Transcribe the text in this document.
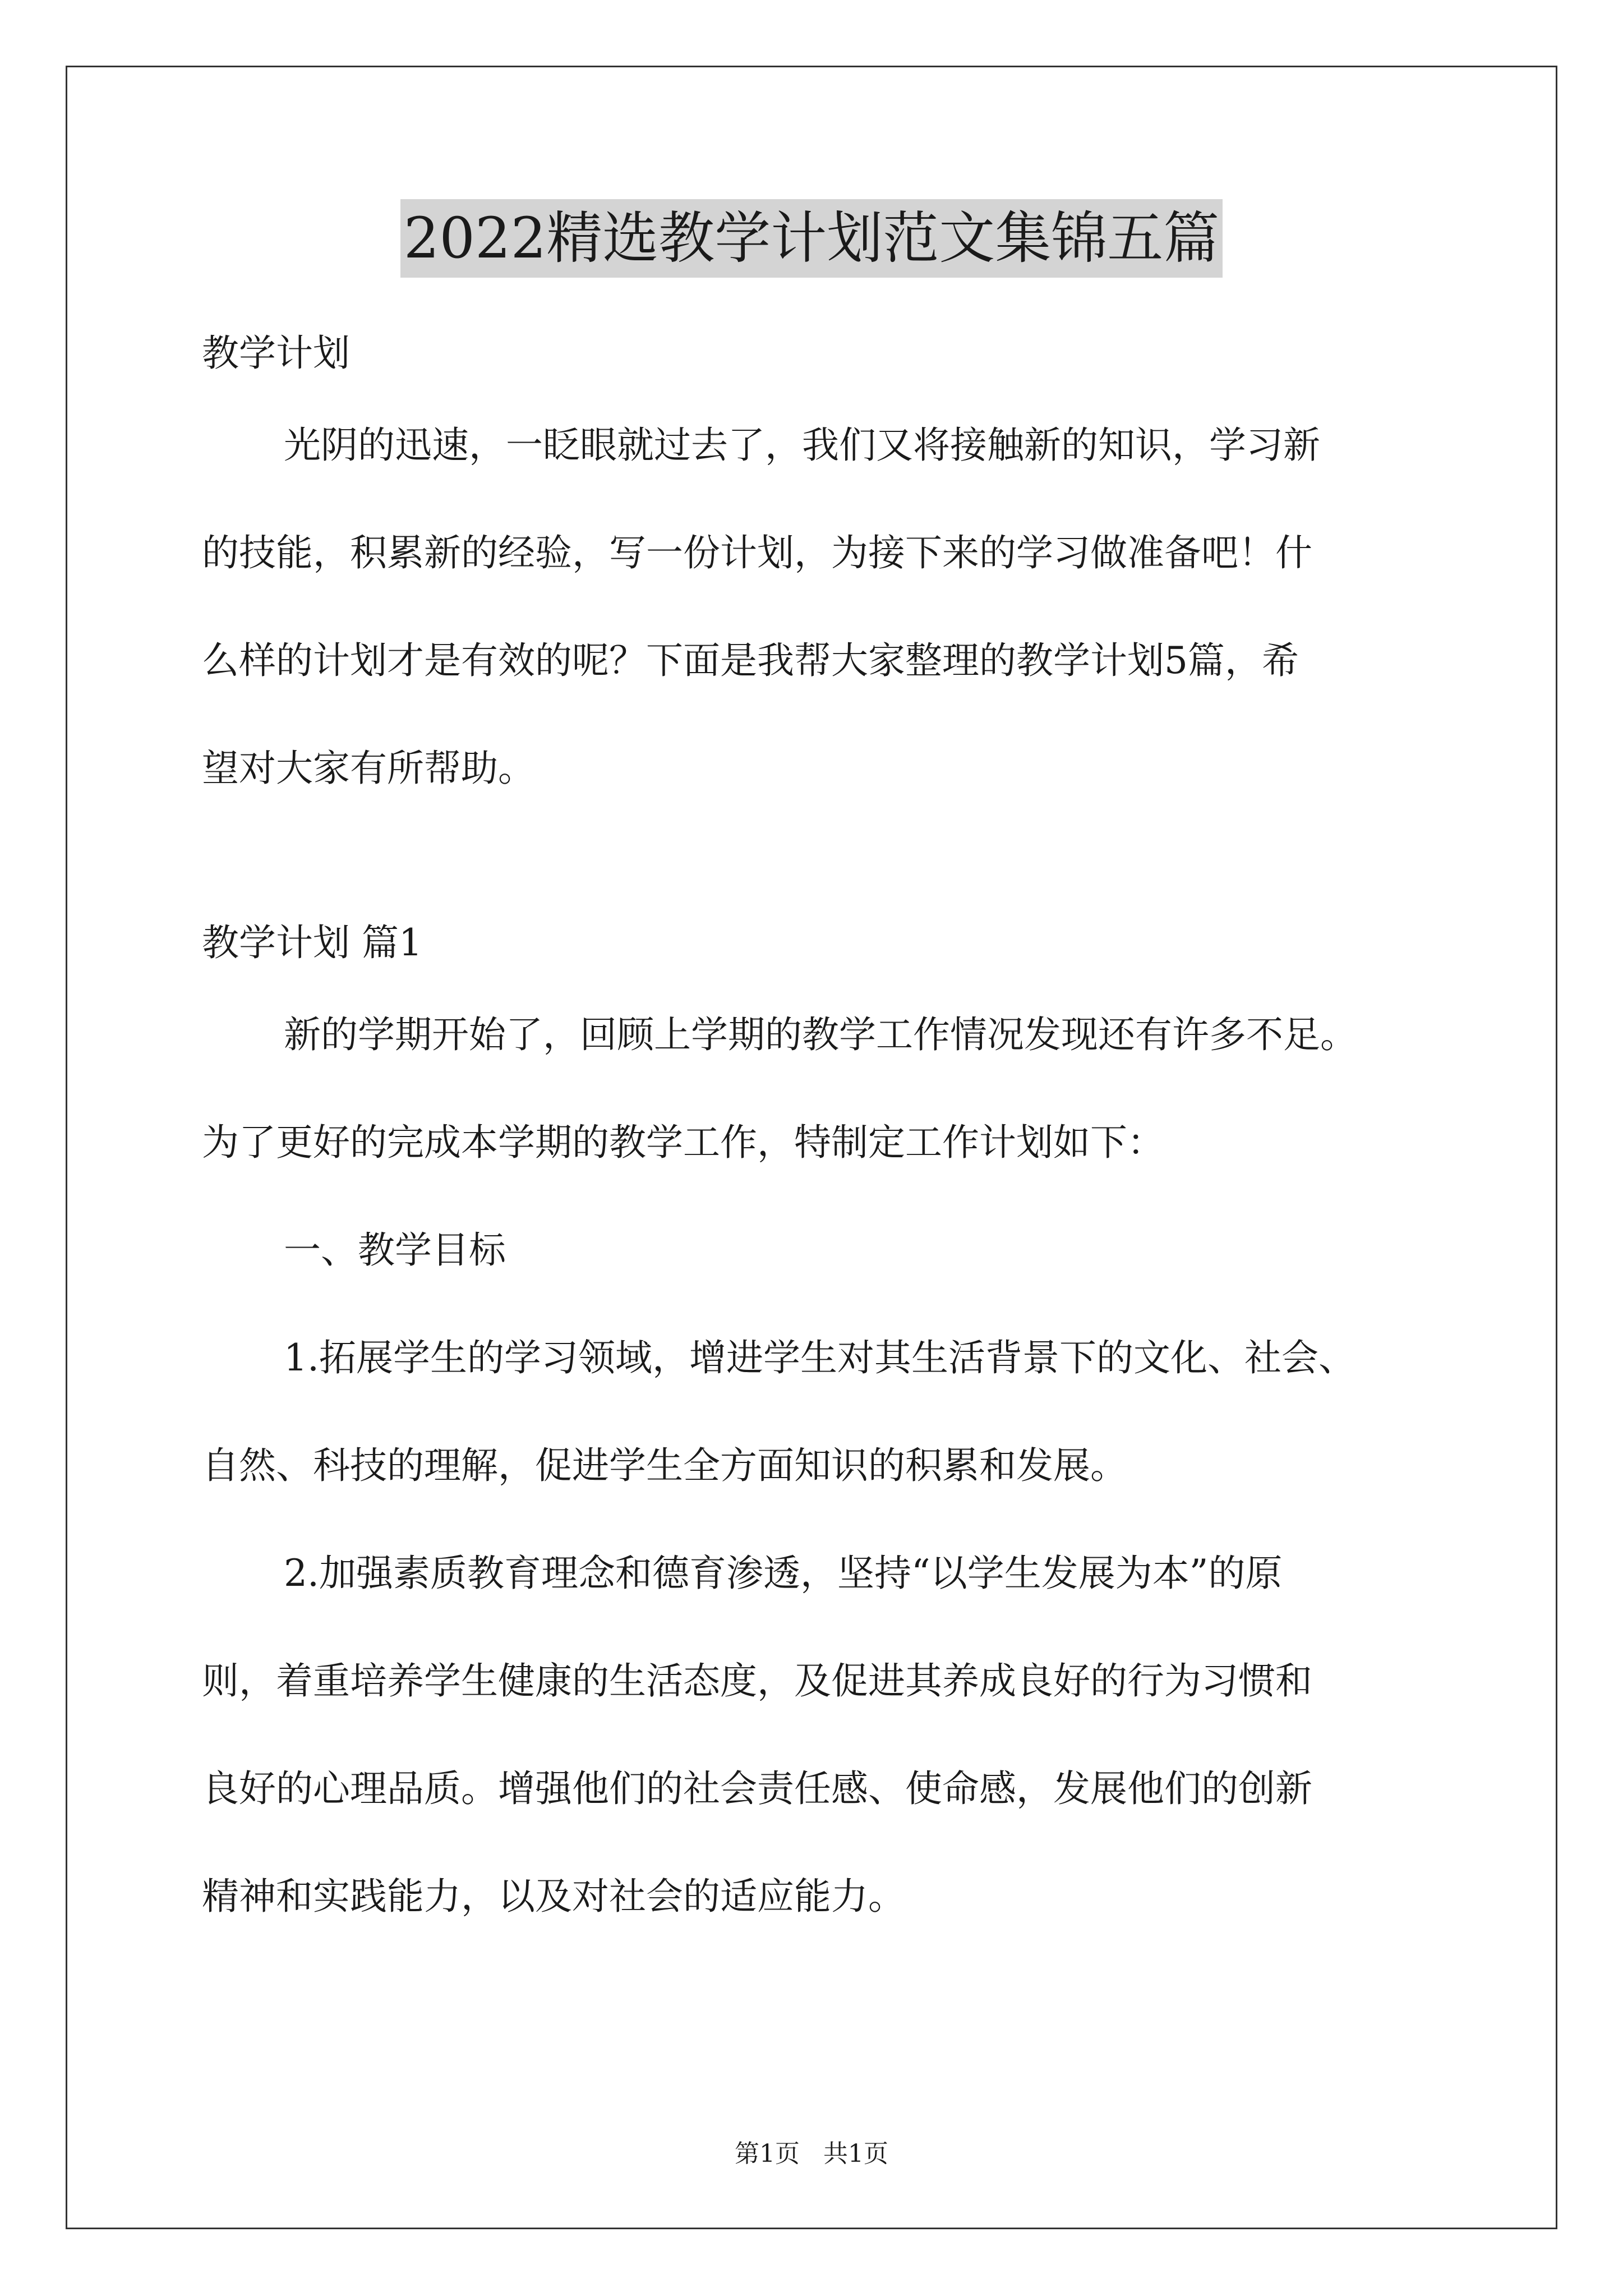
2022精选教学计划范文集锦五篇
教学计划
光阴的迅速，一眨眼就过去了，我们又将接触新的知识，学习新
的技能，积累新的经验，写一份计划，为接下来的学习做准备吧！什
么样的计划才是有效的呢？下面是我帮大家整理的教学计划5篇，希
望对大家有所帮助。
教学计划 篇1
新的学期开始了，回顾上学期的教学工作情况发现还有许多不足。
为了更好的完成本学期的教学工作，特制定工作计划如下：
一、教学目标
1.拓展学生的学习领域，增进学生对其生活背景下的文化、社会、
自然、科技的理解，促进学生全方面知识的积累和发展。
2.加强素质教育理念和德育渗透，坚持“以学生发展为本”的原
则，着重培养学生健康的生活态度，及促进其养成良好的行为习惯和
良好的心理品质。增强他们的社会责任感、使命感，发展他们的创新
精神和实践能力，以及对社会的适应能力。
第1页   共1页
